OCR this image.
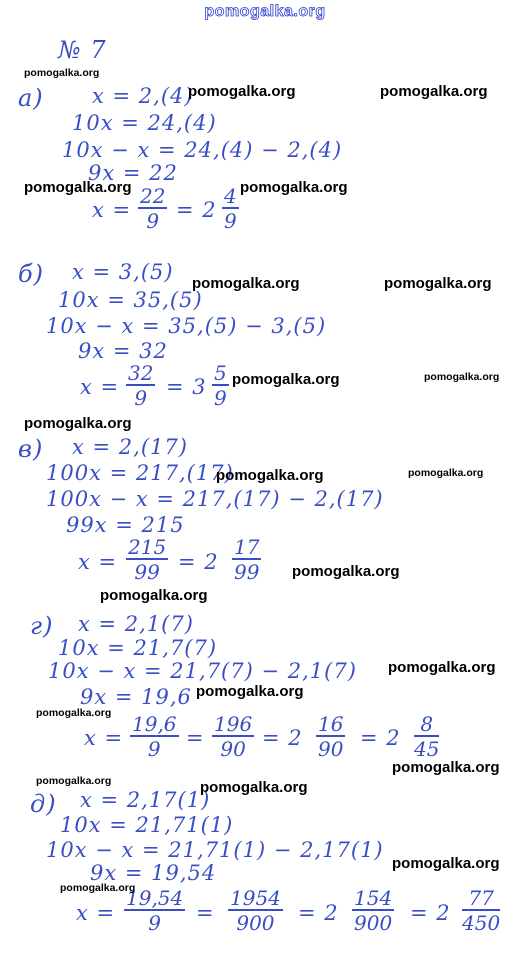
pomogalka.org
№ 7
а) x = 2,(4)
10x = 24,(4)
10x − x = 24,(4) − 2,(4)
9x = 22
$x = \frac{22}{9} = 2 \frac{4}{9}$
б) x = 3,(5)
10x = 35,(5)
10x − x = 35,(5) − 3,(5)
9x = 32
$x = \frac{32}{9} = 3 \frac{5}{9}$
в) x = 2,(17)
100x = 217,(17)
100x − x = 217,(17) − 2,(17)
99x = 215
$x = \frac{215}{99} = 2 \frac{17}{99}$
г) x = 2,1(7)
10x = 21,7(7)
10x − x = 21,7(7) − 2,1(7)
9x = 19,6
$x = \frac{19,6}{9} = \frac{196}{90} = 2 \frac{16}{90} = 2 \frac{8}{45}$
д) x = 2,17(1)
10x = 21,71(1)
10x − x = 21,71(1) − 2,17(1)
9x = 19,54
$x = \frac{19,54}{9} = \frac{1954}{900} = 2 \frac{154}{900} = 2 \frac{77}{450}$
pomogalka.org
pomogalka.org	pomogalka.org
pomogalka.org	pomogalka.org
pomogalka.org	pomogalka.org
pomogalka.org	pomogalka.org
pomogalka.org
pomogalka.org	pomogalka.org
pomogalka.org
pomogalka.org
pomogalka.org
pomogalka.org
pomogalka.org
pomogalka.org
pomogalka.org	pomogalka.org
pomogalka.org
pomogalka.org
